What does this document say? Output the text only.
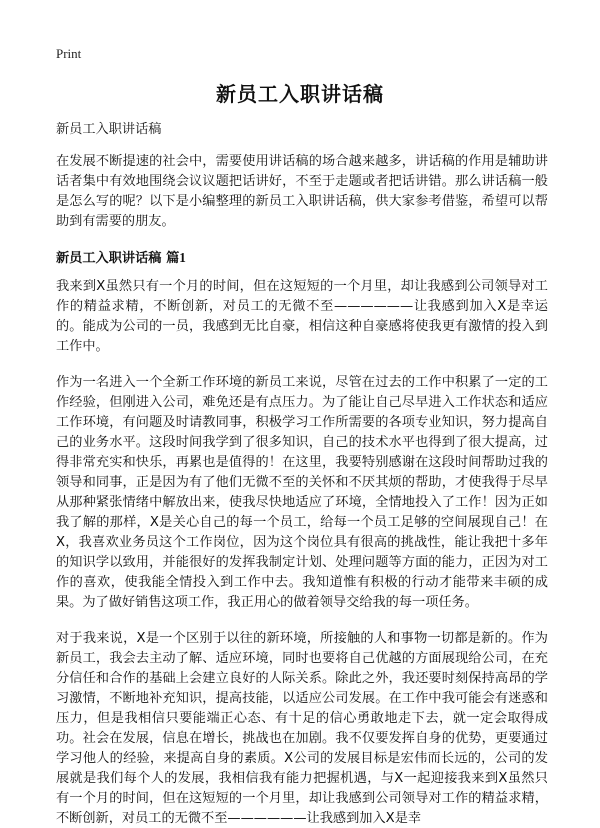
Print
新员工入职讲话稿

新员工入职讲话稿

在发展不断提速的社会中，需要使用讲话稿的场合越来越多，讲话稿的作用是辅助讲话者集中有效地围绕会议议题把话讲好，不至于走题或者把话讲错。那么讲话稿一般是怎么写的呢？以下是小编整理的新员工入职讲话稿，供大家参考借鉴，希望可以帮助到有需要的朋友。

新员工入职讲话稿 篇1

我来到X虽然只有一个月的时间，但在这短短的一个月里，却让我感到公司领导对工作的精益求精，不断创新，对员工的无微不至——————让我感到加入X是幸运的。能成为公司的一员，我感到无比自豪，相信这种自豪感将使我更有激情的投入到工作中。

作为一名进入一个全新工作环境的新员工来说，尽管在过去的工作中积累了一定的工作经验，但刚进入公司，难免还是有点压力。为了能让自己尽早进入工作状态和适应工作环境，有问题及时请教同事，积极学习工作所需要的各项专业知识，努力提高自己的业务水平。这段时间我学到了很多知识，自己的技术水平也得到了很大提高，过得非常充实和快乐，再累也是值得的！在这里，我要特别感谢在这段时间帮助过我的领导和同事，正是因为有了他们无微不至的关怀和不厌其烦的帮助，才使我得于尽早从那种紧张情绪中解放出来，使我尽快地适应了环境，全情地投入了工作！因为正如我了解的那样，X是关心自己的每一个员工，给每一个员工足够的空间展现自己！在X，我喜欢业务员这个工作岗位，因为这个岗位具有很高的挑战性，能让我把十多年的知识学以致用，并能很好的发挥我制定计划、处理问题等方面的能力，正因为对工作的喜欢，使我能全情投入到工作中去。我知道惟有积极的行动才能带来丰硕的成果。为了做好销售这项工作，我正用心的做着领导交给我的每一项任务。

对于我来说，X是一个区别于以往的新环境，所接触的人和事物一切都是新的。作为新员工，我会去主动了解、适应环境，同时也要将自己优越的方面展现给公司，在充分信任和合作的基础上会建立良好的人际关系。除此之外，我还要时刻保持高昂的学习激情，不断地补充知识，提高技能，以适应公司发展。在工作中我可能会有迷惑和压力，但是我相信只要能端正心态、有十足的信心勇敢地走下去，就一定会取得成功。社会在发展，信息在增长，挑战也在加剧。我不仅要发挥自身的优势，更要通过学习他人的经验，来提高自身的素质。X公司的发展目标是宏伟而长远的，公司的发展就是我们每个人的发展，我相信我有能力把握机遇，与X一起迎接我来到X虽然只有一个月的时间，但在这短短的一个月里，却让我感到公司领导对工作的精益求精，不断创新，对员工的无微不至——————让我感到加入X是幸
